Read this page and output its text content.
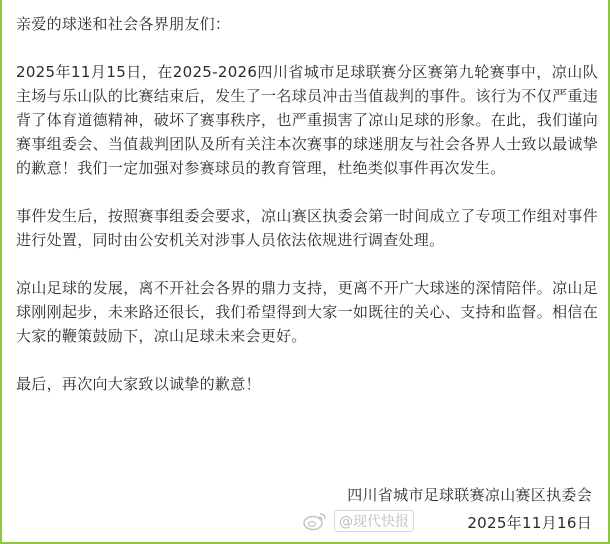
亲爱的球迷和社会各界朋友们：

2025年11月15日，在2025-2026四川省城市足球联赛分区赛第九轮赛事中，凉山队主场与乐山队的比赛结束后，发生了一名球员冲击当值裁判的事件。该行为不仅严重违背了体育道德精神，破坏了赛事秩序，也严重损害了凉山足球的形象。在此，我们谨向赛事组委会、当值裁判团队及所有关注本次赛事的球迷朋友与社会各界人士致以最诚挚的歉意！我们一定加强对参赛球员的教育管理，杜绝类似事件再次发生。

事件发生后，按照赛事组委会要求，凉山赛区执委会第一时间成立了专项工作组对事件进行处置，同时由公安机关对涉事人员依法依规进行调查处理。

凉山足球的发展，离不开社会各界的鼎力支持，更离不开广大球迷的深情陪伴。凉山足球刚刚起步，未来路还很长，我们希望得到大家一如既往的关心、支持和监督。相信在大家的鞭策鼓励下，凉山足球未来会更好。

最后，再次向大家致以诚挚的歉意！

四川省城市足球联赛凉山赛区执委会
2025年11月16日
@现代快报
